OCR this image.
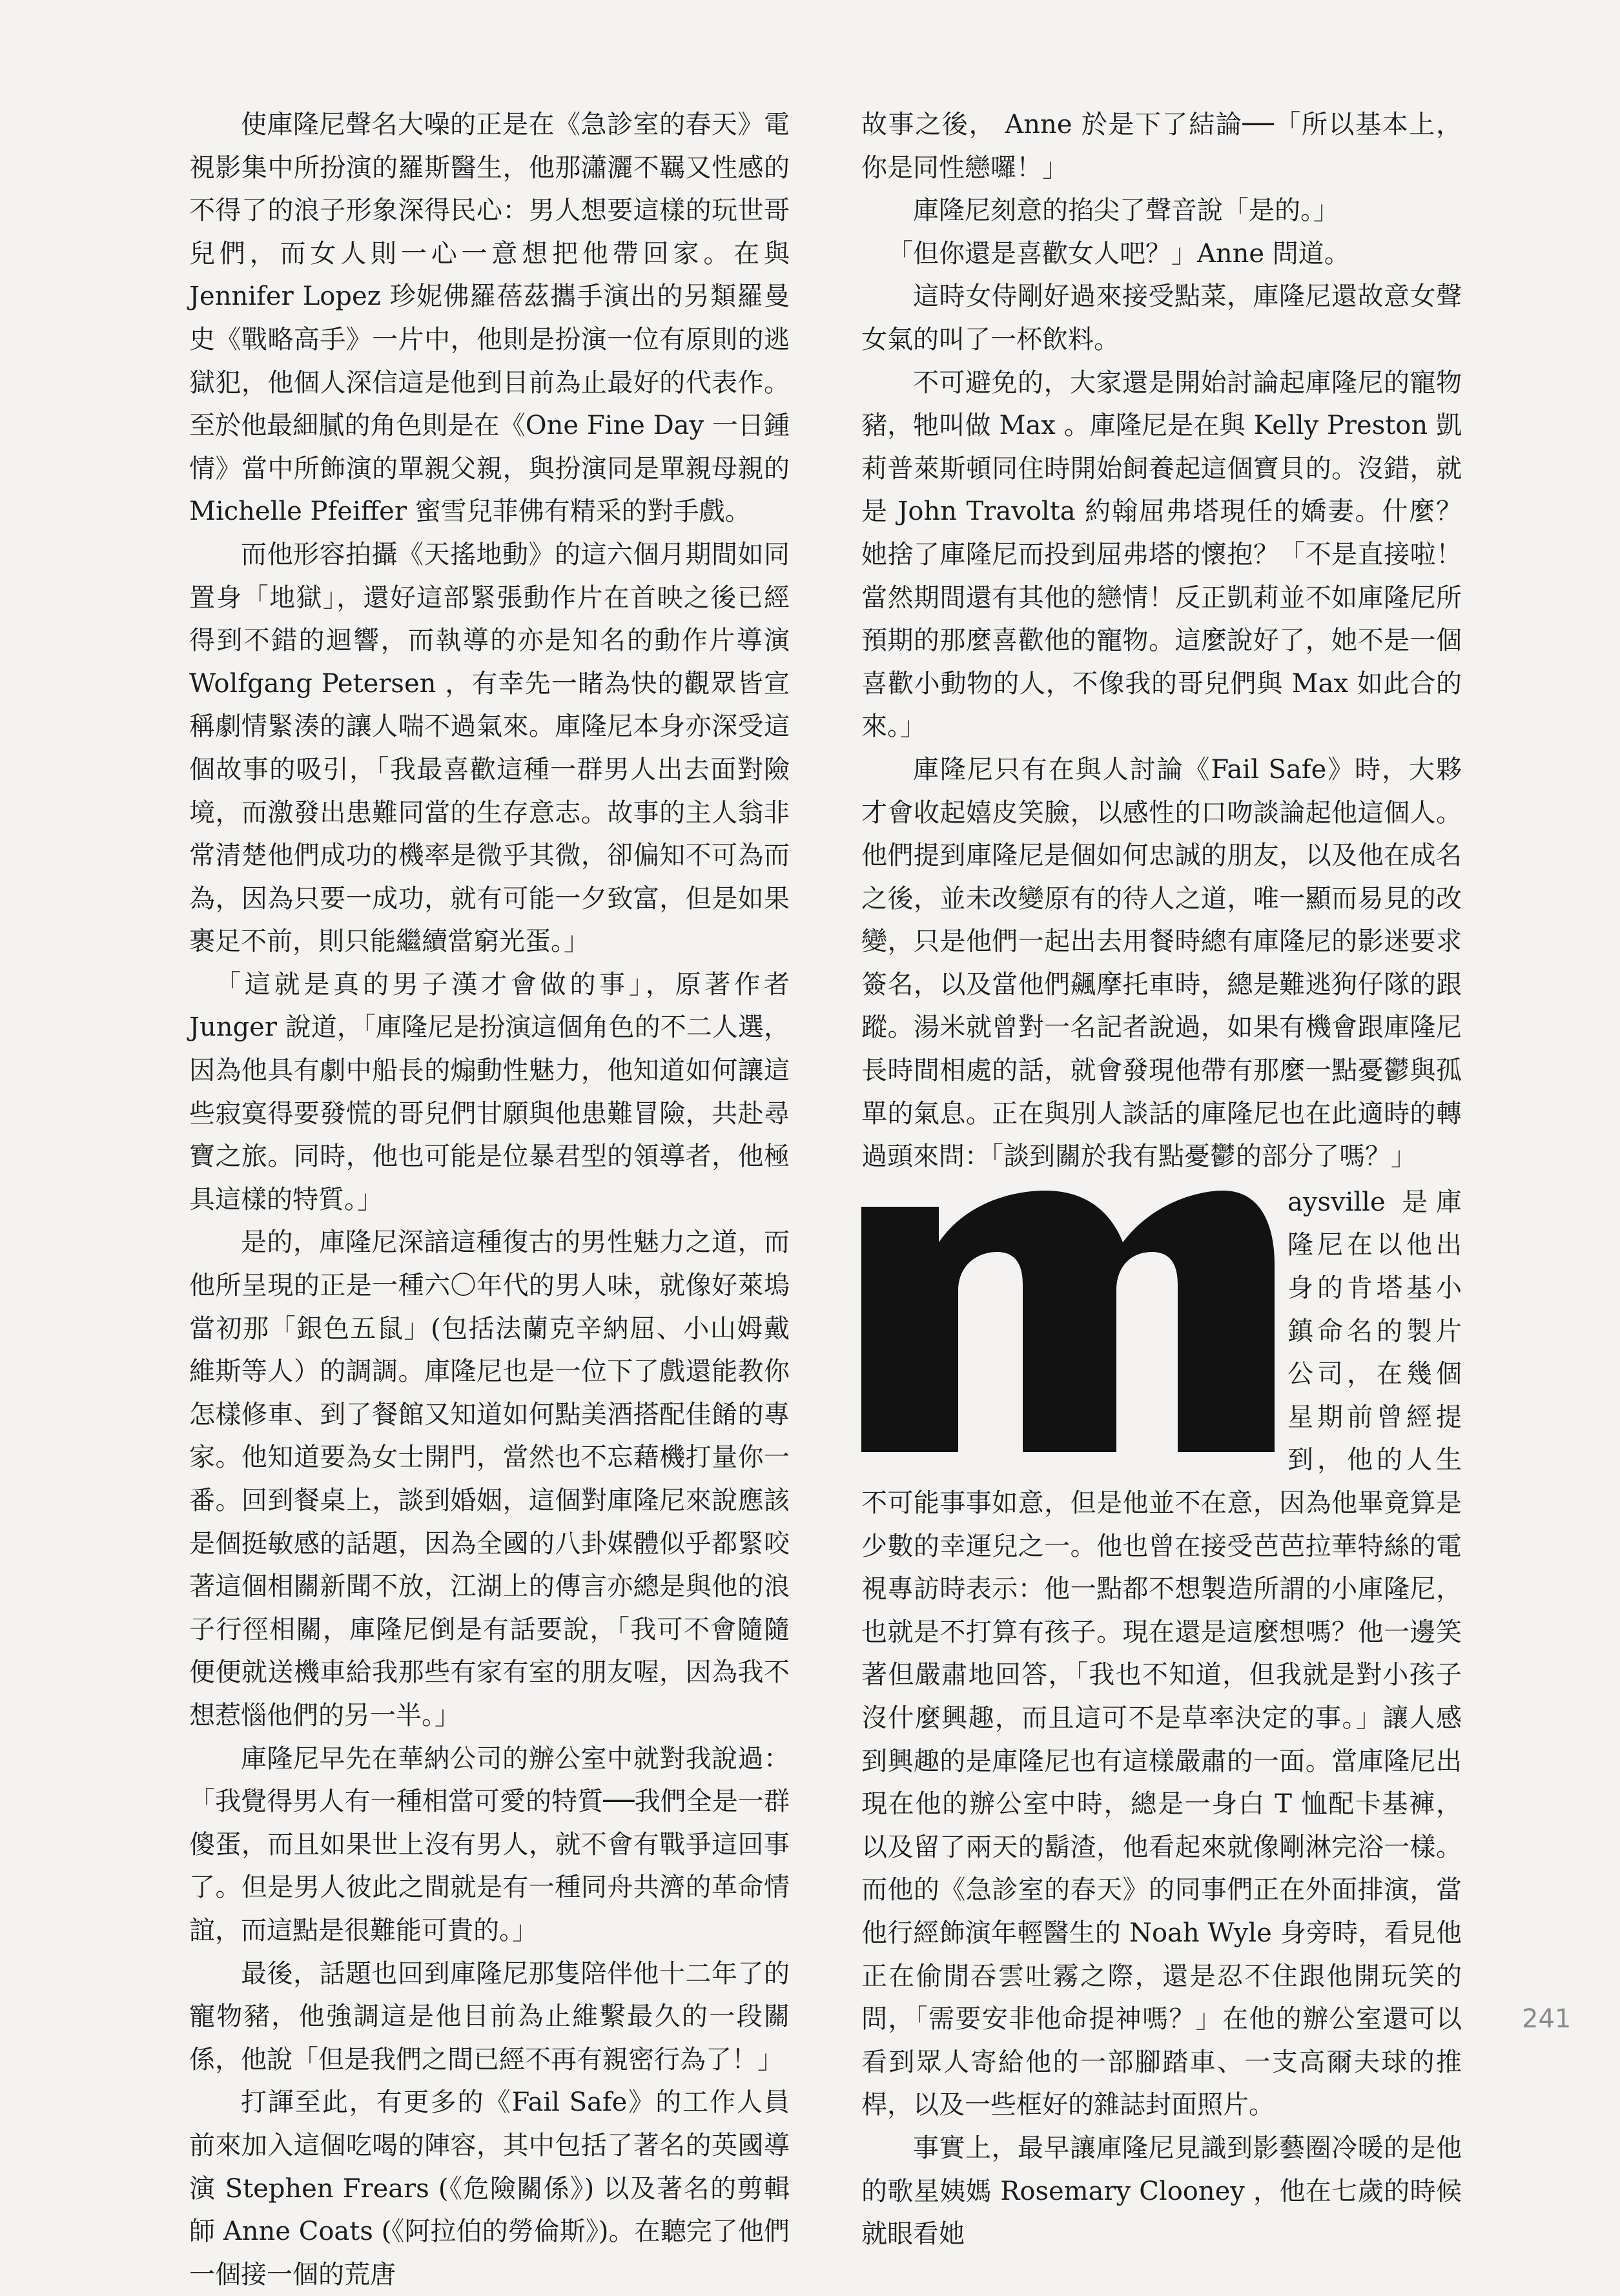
使庫隆尼聲名大噪的正是在《急診室的春天》電視影集中所扮演的羅斯醫生，他那瀟灑不羈又性感的不得了的浪子形象深得民心：男人想要這樣的玩世哥兒們，而女人則一心一意想把他帶回家。在與 Jennifer Lopez 珍妮佛羅蓓茲攜手演出的另類羅曼史《戰略高手》一片中，他則是扮演一位有原則的逃獄犯，他個人深信這是他到目前為止最好的代表作。至於他最細膩的角色則是在《One Fine Day 一日鍾情》當中所飾演的單親父親，與扮演同是單親母親的 Michelle Pfeiffer 蜜雪兒菲佛有精采的對手戲。

而他形容拍攝《天搖地動》的這六個月期間如同置身「地獄」，還好這部緊張動作片在首映之後已經得到不錯的迴響，而執導的亦是知名的動作片導演 Wolfgang Petersen ，有幸先一睹為快的觀眾皆宣稱劇情緊湊的讓人喘不過氣來。庫隆尼本身亦深受這個故事的吸引，「我最喜歡這種一群男人出去面對險境，而激發出患難同當的生存意志。故事的主人翁非常清楚他們成功的機率是微乎其微，卻偏知不可為而為，因為只要一成功，就有可能一夕致富，但是如果裹足不前，則只能繼續當窮光蛋。」

「這就是真的男子漢才會做的事」，原著作者 Junger 說道，「庫隆尼是扮演這個角色的不二人選，因為他具有劇中船長的煽動性魅力，他知道如何讓這些寂寞得要發慌的哥兒們甘願與他患難冒險，共赴尋寶之旅。同時，他也可能是位暴君型的領導者，他極具這樣的特質。」

是的，庫隆尼深諳這種復古的男性魅力之道，而他所呈現的正是一種六〇年代的男人味，就像好萊塢當初那「銀色五鼠」(包括法蘭克辛納屈、小山姆戴維斯等人）的調調。庫隆尼也是一位下了戲還能教你怎樣修車、到了餐館又知道如何點美酒搭配佳餚的專家。他知道要為女士開門，當然也不忘藉機打量你一番。回到餐桌上，談到婚姻，這個對庫隆尼來說應該是個挺敏感的話題，因為全國的八卦媒體似乎都緊咬著這個相關新聞不放，江湖上的傳言亦總是與他的浪子行徑相關，庫隆尼倒是有話要說，「我可不會隨隨便便就送機車給我那些有家有室的朋友喔，因為我不想惹惱他們的另一半。」

庫隆尼早先在華納公司的辦公室中就對我說過：「我覺得男人有一種相當可愛的特質──我們全是一群傻蛋，而且如果世上沒有男人，就不會有戰爭這回事了。但是男人彼此之間就是有一種同舟共濟的革命情誼，而這點是很難能可貴的。」

最後，話題也回到庫隆尼那隻陪伴他十二年了的寵物豬，他強調這是他目前為止維繫最久的一段關係，他說「但是我們之間已經不再有親密行為了！」

打諢至此，有更多的《Fail Safe》的工作人員前來加入這個吃喝的陣容，其中包括了著名的英國導演 Stephen Frears (《危險關係》) 以及著名的剪輯師 Anne Coats (《阿拉伯的勞倫斯》)。在聽完了他們一個接一個的荒唐

故事之後， Anne 於是下了結論──「所以基本上，你是同性戀囉！」

庫隆尼刻意的掐尖了聲音說「是的。」

「但你還是喜歡女人吧？」Anne 問道。

這時女侍剛好過來接受點菜，庫隆尼還故意女聲女氣的叫了一杯飲料。

不可避免的，大家還是開始討論起庫隆尼的寵物豬，牠叫做 Max 。庫隆尼是在與 Kelly Preston 凱莉普萊斯頓同住時開始飼養起這個寶貝的。沒錯，就是 John Travolta 約翰屈弗塔現任的嬌妻。什麼？她捨了庫隆尼而投到屈弗塔的懷抱？「不是直接啦！當然期間還有其他的戀情！反正凱莉並不如庫隆尼所預期的那麼喜歡他的寵物。這麼說好了，她不是一個喜歡小動物的人，不像我的哥兒們與 Max 如此合的來。」

庫隆尼只有在與人討論《Fail Safe》時，大夥才會收起嬉皮笑臉，以感性的口吻談論起他這個人。他們提到庫隆尼是個如何忠誠的朋友，以及他在成名之後，並未改變原有的待人之道，唯一顯而易見的改變，只是他們一起出去用餐時總有庫隆尼的影迷要求簽名，以及當他們飆摩托車時，總是難逃狗仔隊的跟蹤。湯米就曾對一名記者說過，如果有機會跟庫隆尼長時間相處的話，就會發現他帶有那麼一點憂鬱與孤單的氣息。正在與別人談話的庫隆尼也在此適時的轉過頭來問：「談到關於我有點憂鬱的部分了嗎？」

aysville 是庫隆尼在以他出身的肯塔基小鎮命名的製片公司，在幾個星期前曾經提到，他的人生不可能事事如意，但是他並不在意，因為他畢竟算是少數的幸運兒之一。他也曾在接受芭芭拉華特絲的電視專訪時表示：他一點都不想製造所謂的小庫隆尼，也就是不打算有孩子。現在還是這麼想嗎？他一邊笑著但嚴肅地回答，「我也不知道，但我就是對小孩子沒什麼興趣，而且這可不是草率決定的事。」讓人感到興趣的是庫隆尼也有這樣嚴肅的一面。當庫隆尼出現在他的辦公室中時，總是一身白 T 恤配卡基褲，以及留了兩天的鬍渣，他看起來就像剛淋完浴一樣。而他的《急診室的春天》的同事們正在外面排演，當他行經飾演年輕醫生的 Noah Wyle 身旁時，看見他正在偷閒吞雲吐霧之際，還是忍不住跟他開玩笑的問，「需要安非他命提神嗎？」在他的辦公室還可以看到眾人寄給他的一部腳踏車、一支高爾夫球的推桿，以及一些框好的雜誌封面照片。

事實上，最早讓庫隆尼見識到影藝圈冷暖的是他的歌星姨媽 Rosemary Clooney ，他在七歲的時候就眼看她

241
